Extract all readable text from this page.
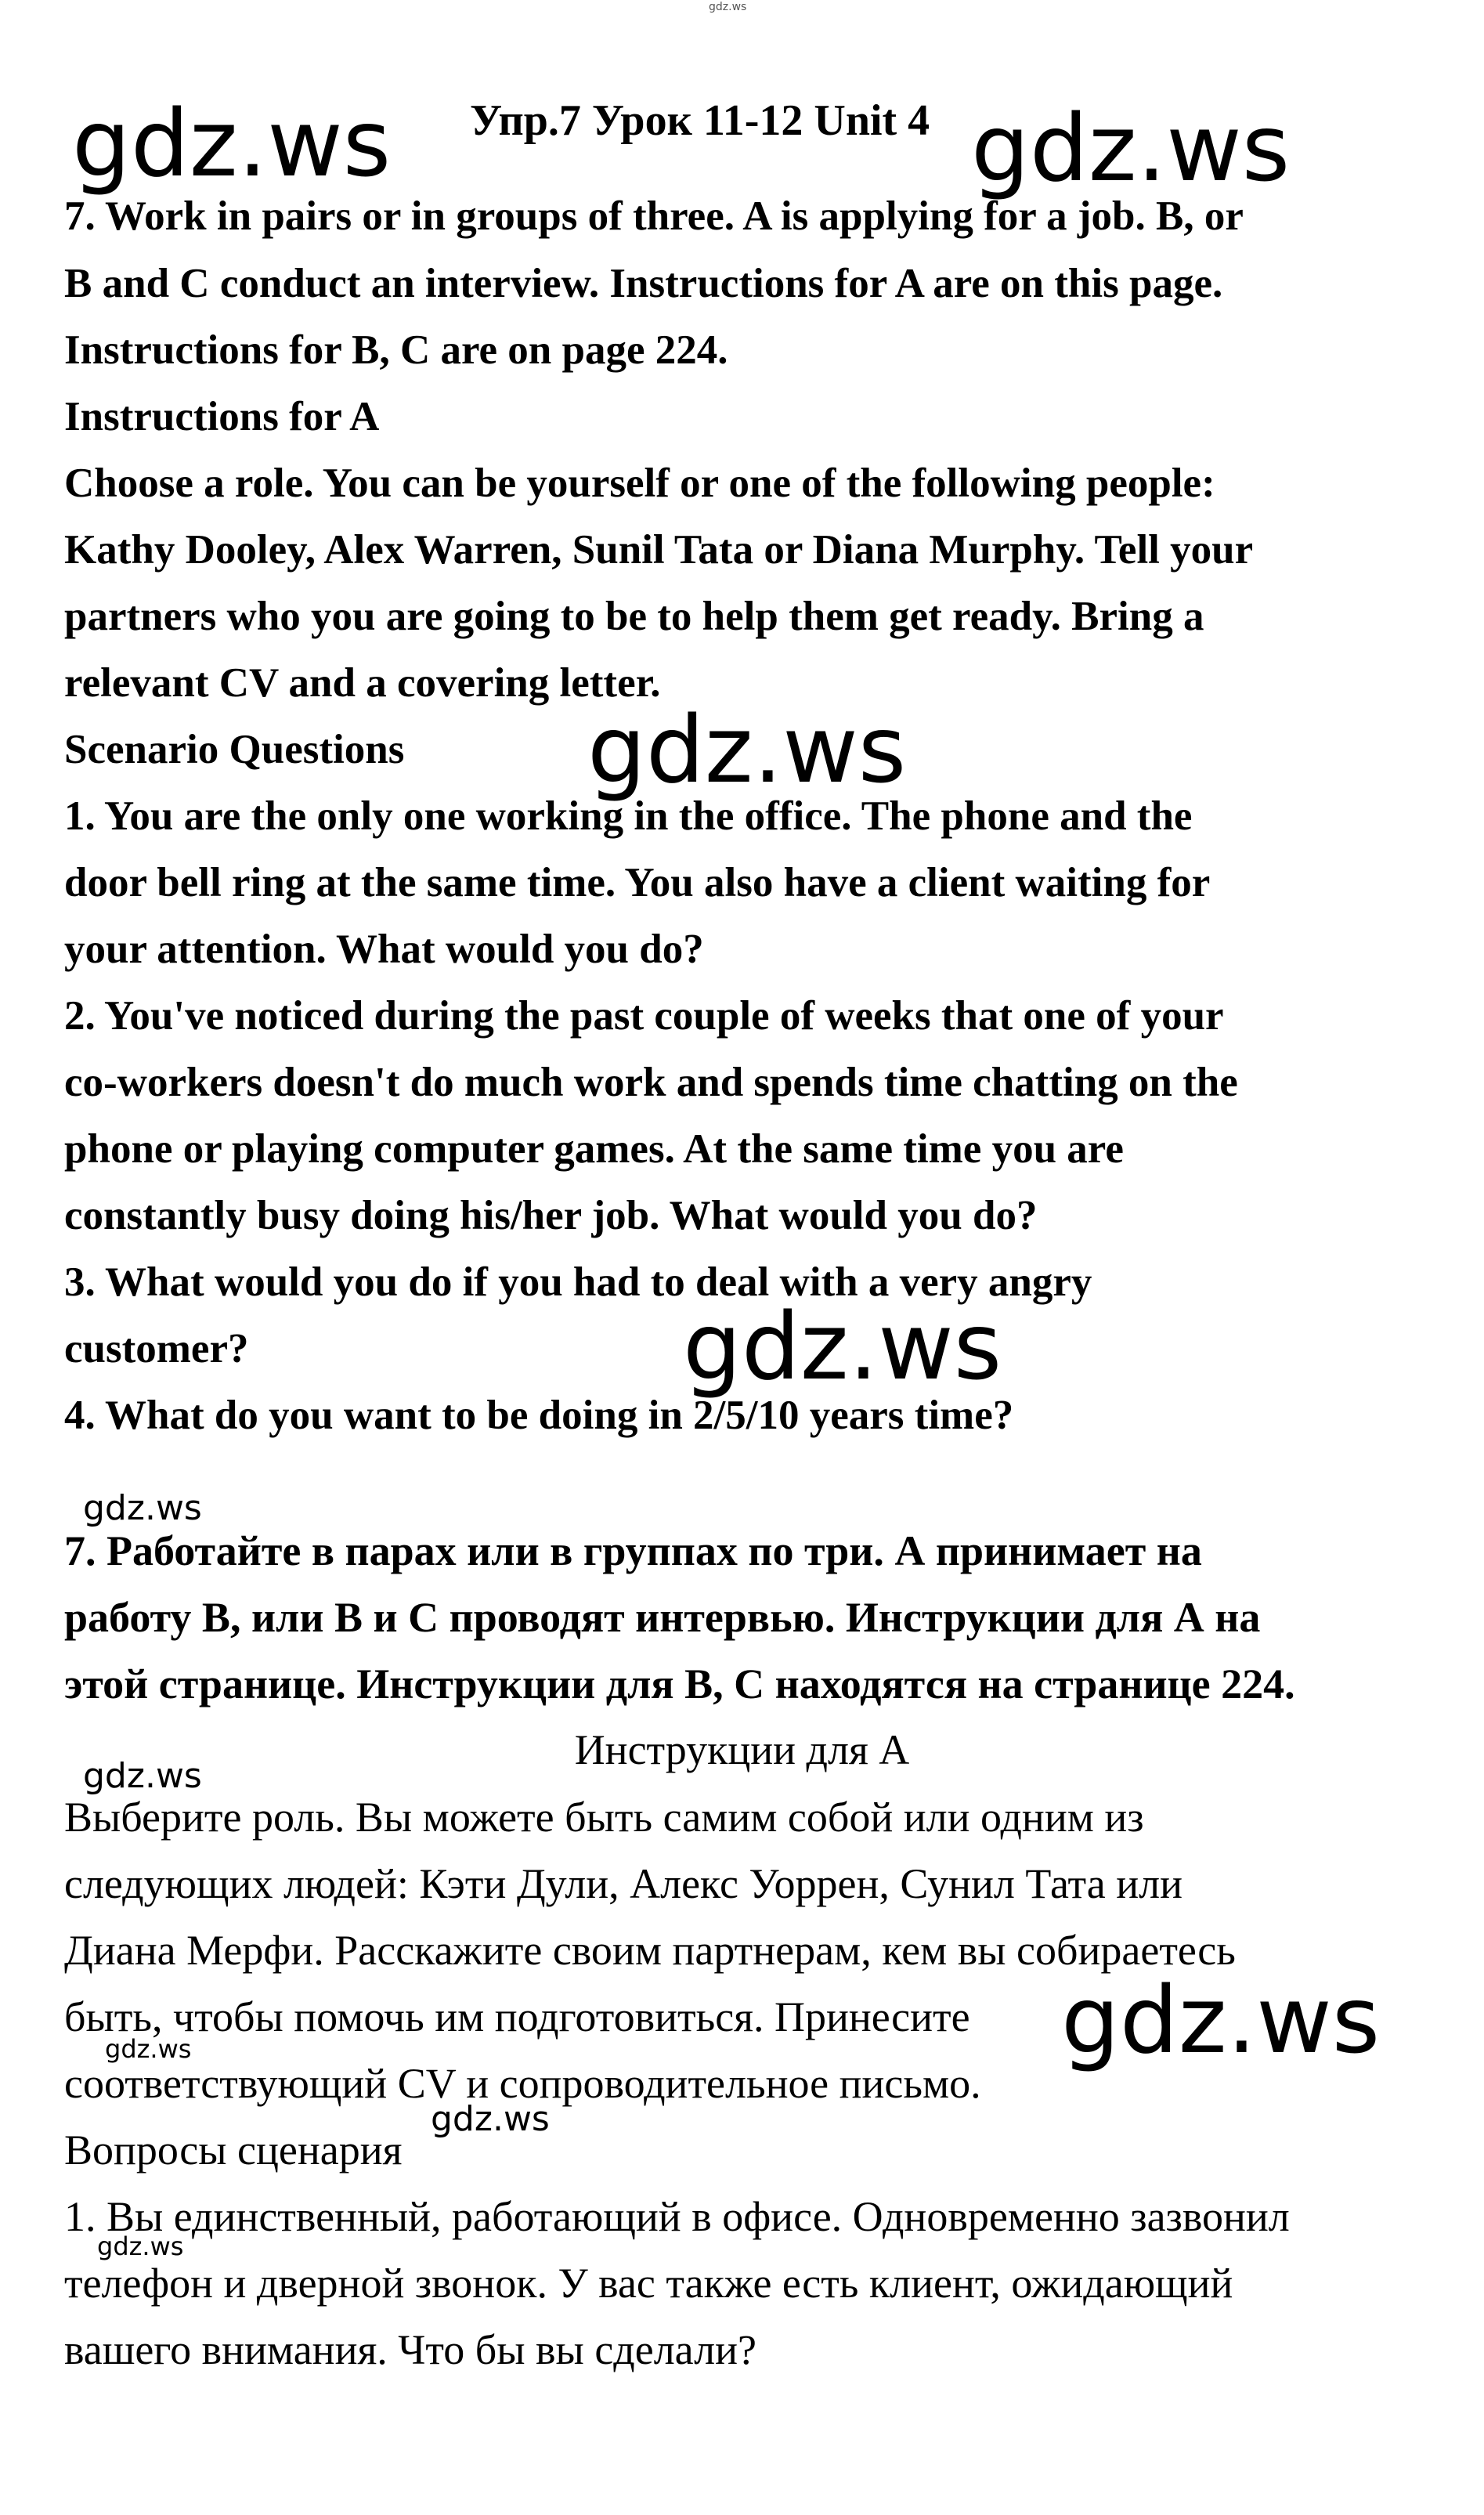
gdz.ws
gdz.ws	gdz.ws
gdz.ws
gdz.ws
gdz.ws
gdz.ws
gdz.ws
gdz.ws
gdz.ws
gdz.ws

Упр.7 Урок 11-12 Unit 4

7. Work in pairs or in groups of three. A is applying for a job. B, or

B and C conduct an interview. Instructions for A are on this page.

Instructions for B, C are on page 224.

Instructions for A

Choose a role. You can be yourself or one of the following people:

Kathy Dooley, Alex Warren, Sunil Tata or Diana Murphy. Tell your

partners who you are going to be to help them get ready. Bring a

relevant CV and a covering letter.

Scenario Questions

1. You are the only one working in the office. The phone and the

door bell ring at the same time. You also have a client waiting for

your attention. What would you do?

2. You've noticed during the past couple of weeks that one of your

co-workers doesn't do much work and spends time chatting on the

phone or playing computer games. At the same time you are

constantly busy doing his/her job. What would you do?

3. What would you do if you had to deal with a very angry

customer?

4. What do you want to be doing in 2/5/10 years time?

7. Работайте в парах или в группах по три. А принимает на

работу В, или В и С проводят интервью. Инструкции для А на

этой странице. Инструкции для В, С находятся на странице 224.

Инструкции для А

Выберите роль. Вы можете быть самим собой или одним из

следующих людей: Кэти Дули, Алекс Уоррен, Сунил Тата или

Диана Мерфи. Расскажите своим партнерам, кем вы собираетесь

быть, чтобы помочь им подготовиться. Принесите

соответствующий CV и сопроводительное письмо.

Вопросы сценария

1. Вы единственный, работающий в офисе. Одновременно зазвонил

телефон и дверной звонок. У вас также есть клиент, ожидающий

вашего внимания. Что бы вы сделали?
